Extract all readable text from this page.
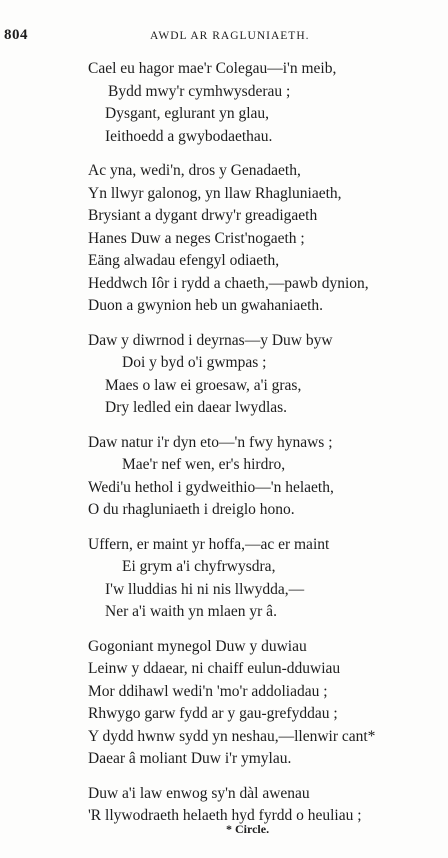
804	AWDL AR RAGLUNIAETH.
Cael eu hagor mae'r Colegau—i'n meib,
Bydd mwy'r cymhwysderau ;
Dysgant, eglurant yn glau,
Ieithoedd a gwybodaethau.
Ac yna, wedi'n, dros y Genadaeth,
Yn llwyr galonog, yn llaw Rhagluniaeth,
Brysiant a dygant drwy'r greadigaeth
Hanes Duw a neges Crist'nogaeth ;
Eäng alwadau efengyl odiaeth,
Heddwch Iôr i rydd a chaeth,—pawb dynion,
Duon a gwynion heb un gwahaniaeth.
Daw y diwrnod i deyrnas—y Duw byw
Doi y byd o'i gwmpas ;
Maes o law ei groesaw, a'i gras,
Dry ledled ein daear lwydlas.
Daw natur i'r dyn eto—'n fwy hynaws ;
Mae'r nef wen, er's hirdro,
Wedi'u hethol i gydweithio—'n helaeth,
O du rhagluniaeth i dreiglo hono.
Uffern, er maint yr hoffa,—ac er maint
Ei grym a'i chyfrwysdra,
I'w lluddias hi ni nis llwydda,—
Ner a'i waith yn mlaen yr â.
Gogoniant mynegol Duw y duwiau
Leinw y ddaear, ni chaiff eulun-dduwiau
Mor ddihawl wedi'n 'mo'r addoliadau ;
Rhwygo garw fydd ar y gau-grefyddau ;
Y dydd hwnw sydd yn neshau,—llenwir cant*
Daear â moliant Duw i'r ymylau.
Duw a'i law enwog sy'n dàl awenau
'R llywodraeth helaeth hyd fyrdd o heuliau ;
* Circle.
